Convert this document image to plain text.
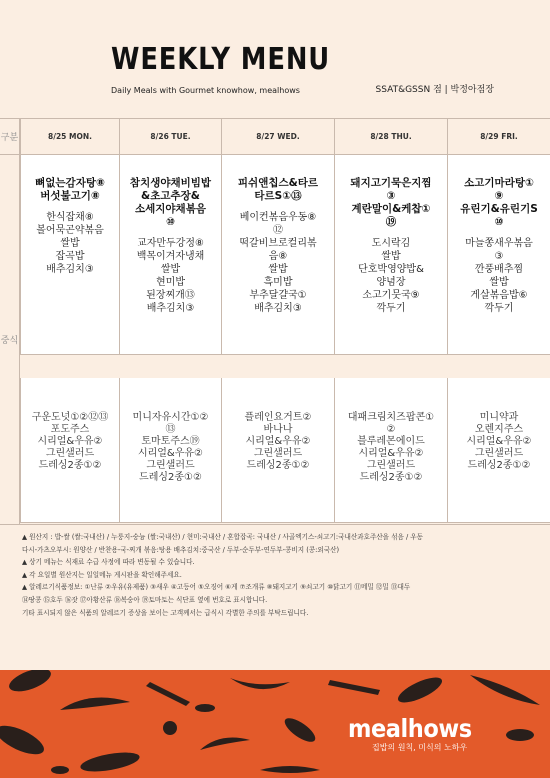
WEEKLY MENU
Daily Meals with Gourmet knowhow, mealhows	SSAT&GSSN 점 | 박정아점장
구분
중식
8/25 MON.
뼈없는감자탕⑧
버섯불고기⑧
한식잡채⑧
볼어묵곤약볶음
쌀밥
잡곡밥
배추김치③
구운도넛①②⑫⑬
포도주스
시리얼&우유②
그린샐러드
드레싱2종①②
8/26 TUE.
참치생야채비빔밥
&초고추장&
소세지야채볶음
⑩
교자만두강정⑧
백목이겨자냉채
쌀밥
현미밥
된장찌개⑬
배추김치③
미니자유시간①②
⑬
토마토주스⑲
시리얼&우유②
그린샐러드
드레싱2종①②
8/27 WED.
피쉬앤칩스&타르
타르S①⑬
베이컨볶음우동⑧
⑫
떡갈비브로컬리볶
음⑧
쌀밥
흑미밥
부추달걀국①
배추김치③
플레인요거트②
바나나
시리얼&우유②
그린샐러드
드레싱2종①②
8/28 THU.
돼지고기묵은지찜
③
계란말이&케찹①
⑲
도시락김
쌀밥
단호박영양밥&
양념장
소고기뭇국⑨
깍두기
대패크림치즈팝콘①
②
블루레몬에이드
시리얼&우유②
그린샐러드
드레싱2종①②
8/29 FRI.
소고기마라탕①
⑨
유린기&유린기S
⑩
마늘쫑새우볶음
③
깐풍배추찜
쌀밥
게살볶음밥⑥
깍두기
미니약과
오렌지주스
시리얼&우유②
그린샐러드
드레싱2종①②
▲ 원산지 : 밥-쌀 (쌀:국내산) / 누룽지-숭늉 (쌀:국내산) / 현미:국내산 / 혼합잡곡: 국내산 / 사골엑기스-쇠고기:국내산과호주산을 섞음 / 우동
다시-가츠오부시: 원양산 / 반찬용-국-찌개 볶음:탕용 배추김치:중국산 / 두부-순두부-연두부-콩비지 (콩:외국산)
▲ 상기 메뉴는 식재료 수급 사정에 따라 변동될 수 있습니다.
▲ 각 요일별 원산지는 일일메뉴 게시판을 확인해주세요.
▲ 알레르기식품정보: ①난류 ②우유(유제품) ③새우 ④고등어 ⑤오징어 ⑥게 ⑦조개류 ⑧돼지고기 ⑨쇠고기 ⑩닭고기 ⑪메밀 ⑫밀 ⑬대두
⑭땅콩 ⑮호두 ⑯잣 ⑰아황산류 ⑱복숭아 ⑲토마토는 식단표 옆에 번호로 표시합니다.
기타 표시되지 않은 식품의 알레르기 증상을 보이는 고객께서는 급식시 각별한 주의를 부탁드립니다.
mealhows
집밥의 원칙, 미식의 노하우
